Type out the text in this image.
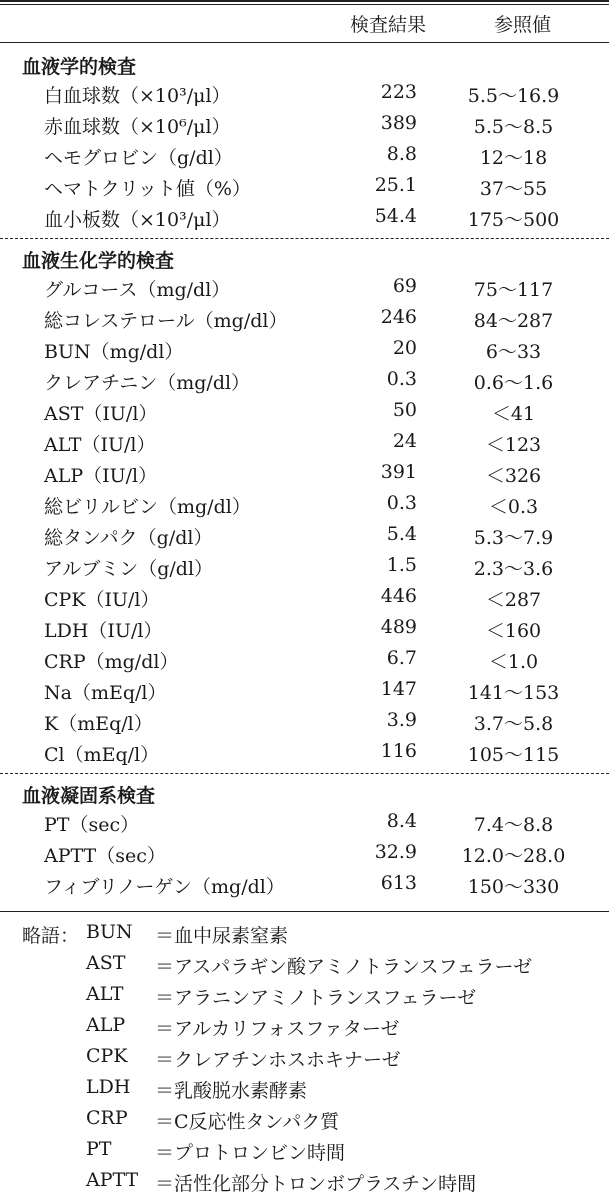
検査結果	参照値
血液学的検査
白血球数（×10³/μl）	223	5.5～16.9
赤血球数（×10⁶/μl）	389	5.5～8.5
ヘモグロビン（g/dl）	8.8	12～18
ヘマトクリット値（%）	25.1	37～55
血小板数（×10³/μl）	54.4	175～500
血液生化学的検査
グルコース（mg/dl）	69	75～117
総コレステロール（mg/dl）	246	84～287
BUN（mg/dl）	20	6～33
クレアチニン（mg/dl）	0.3	0.6～1.6
AST（IU/l）	50	＜41
ALT（IU/l）	24	＜123
ALP（IU/l）	391	＜326
総ビリルビン（mg/dl）	0.3	＜0.3
総タンパク（g/dl）	5.4	5.3～7.9
アルブミン（g/dl）	1.5	2.3～3.6
CPK（IU/l）	446	＜287
LDH（IU/l）	489	＜160
CRP（mg/dl）	6.7	＜1.0
Na（mEq/l）	147	141～153
K（mEq/l）	3.9	3.7～5.8
Cl（mEq/l）	116	105～115
血液凝固系検査
PT（sec）	8.4	7.4～8.8
APTT（sec）	32.9	12.0～28.0
フィブリノーゲン（mg/dl）	613	150～330
略語： BUN ＝血中尿素窒素
AST ＝アスパラギン酸アミノトランスフェラーゼ
ALT ＝アラニンアミノトランスフェラーゼ
ALP ＝アルカリフォスファターゼ
CPK ＝クレアチンホスホキナーゼ
LDH ＝乳酸脱水素酵素
CRP ＝C反応性タンパク質
PT ＝プロトロンビン時間
APTT ＝活性化部分トロンボプラスチン時間
